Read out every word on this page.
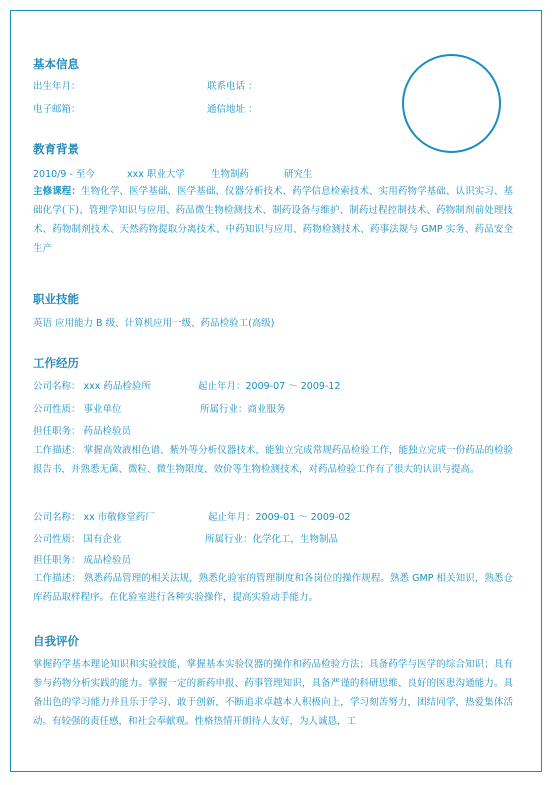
基本信息
出生年月：	联系电话 ：
电子邮箱：	通信地址 ：
教育背景
2010/9 - 至今	xxx 职业大学	生物制药	研究生
主修课程：生物化学、医学基础、医学基础、仪器分析技术、药学信息检索技术、实用药物学基础、认识实习、基础化学(下)、管理学知识与应用、药品微生物检测技术、制药设备与维护、制药过程控制技术、药物制剂前处理技术、药物制剂技术、天然药物提取分离技术、中药知识与应用、药物检测技术、药事法规与 GMP 实务、药品安全生产
职业技能
英语 应用能力 B 级、计算机应用一级、药品检验工(高级)
工作经历
公司名称： xxx 药品检验所	起止年月：2009-07 ～ 2009-12
公司性质： 事业单位	所属行业：商业服务
担任职务： 药品检验员
工作描述： 掌握高效液相色谱、紫外等分析仪器技术，能独立完成常规药品检验工作，能独立完成一份药品的检验报告书，并熟悉无菌、微粒、微生物限度、效价等生物检测技术，对药品检验工作有了很大的认识与提高。
公司名称： xx 市敬修堂药厂	起止年月：2009-01 ～ 2009-02
公司性质： 国有企业	所属行业：化学化工，生物制品
担任职务： 成品检验员
工作描述： 熟悉药品管理的相关法规，熟悉化验室的管理制度和各岗位的操作规程。熟悉 GMP 相关知识，熟悉仓库药品取样程序。在化验室进行各种实验操作，提高实验动手能力。
自我评价
掌握药学基本理论知识和实验技能，掌握基本实验仪器的操作和药品检验方法；具备药学与医学的综合知识；具有参与药物分析实践的能力。掌握一定的新药申报、药事管理知识，具备严谨的科研思维、良好的医患沟通能力。具备出色的学习能力并且乐于学习、敢于创新，不断追求卓越本人积极向上，学习刻苦努力，团结同学，热爱集体活动。有较强的责任感，和社会奉献观。性格热情开朗待人友好，为人诚恳，工
